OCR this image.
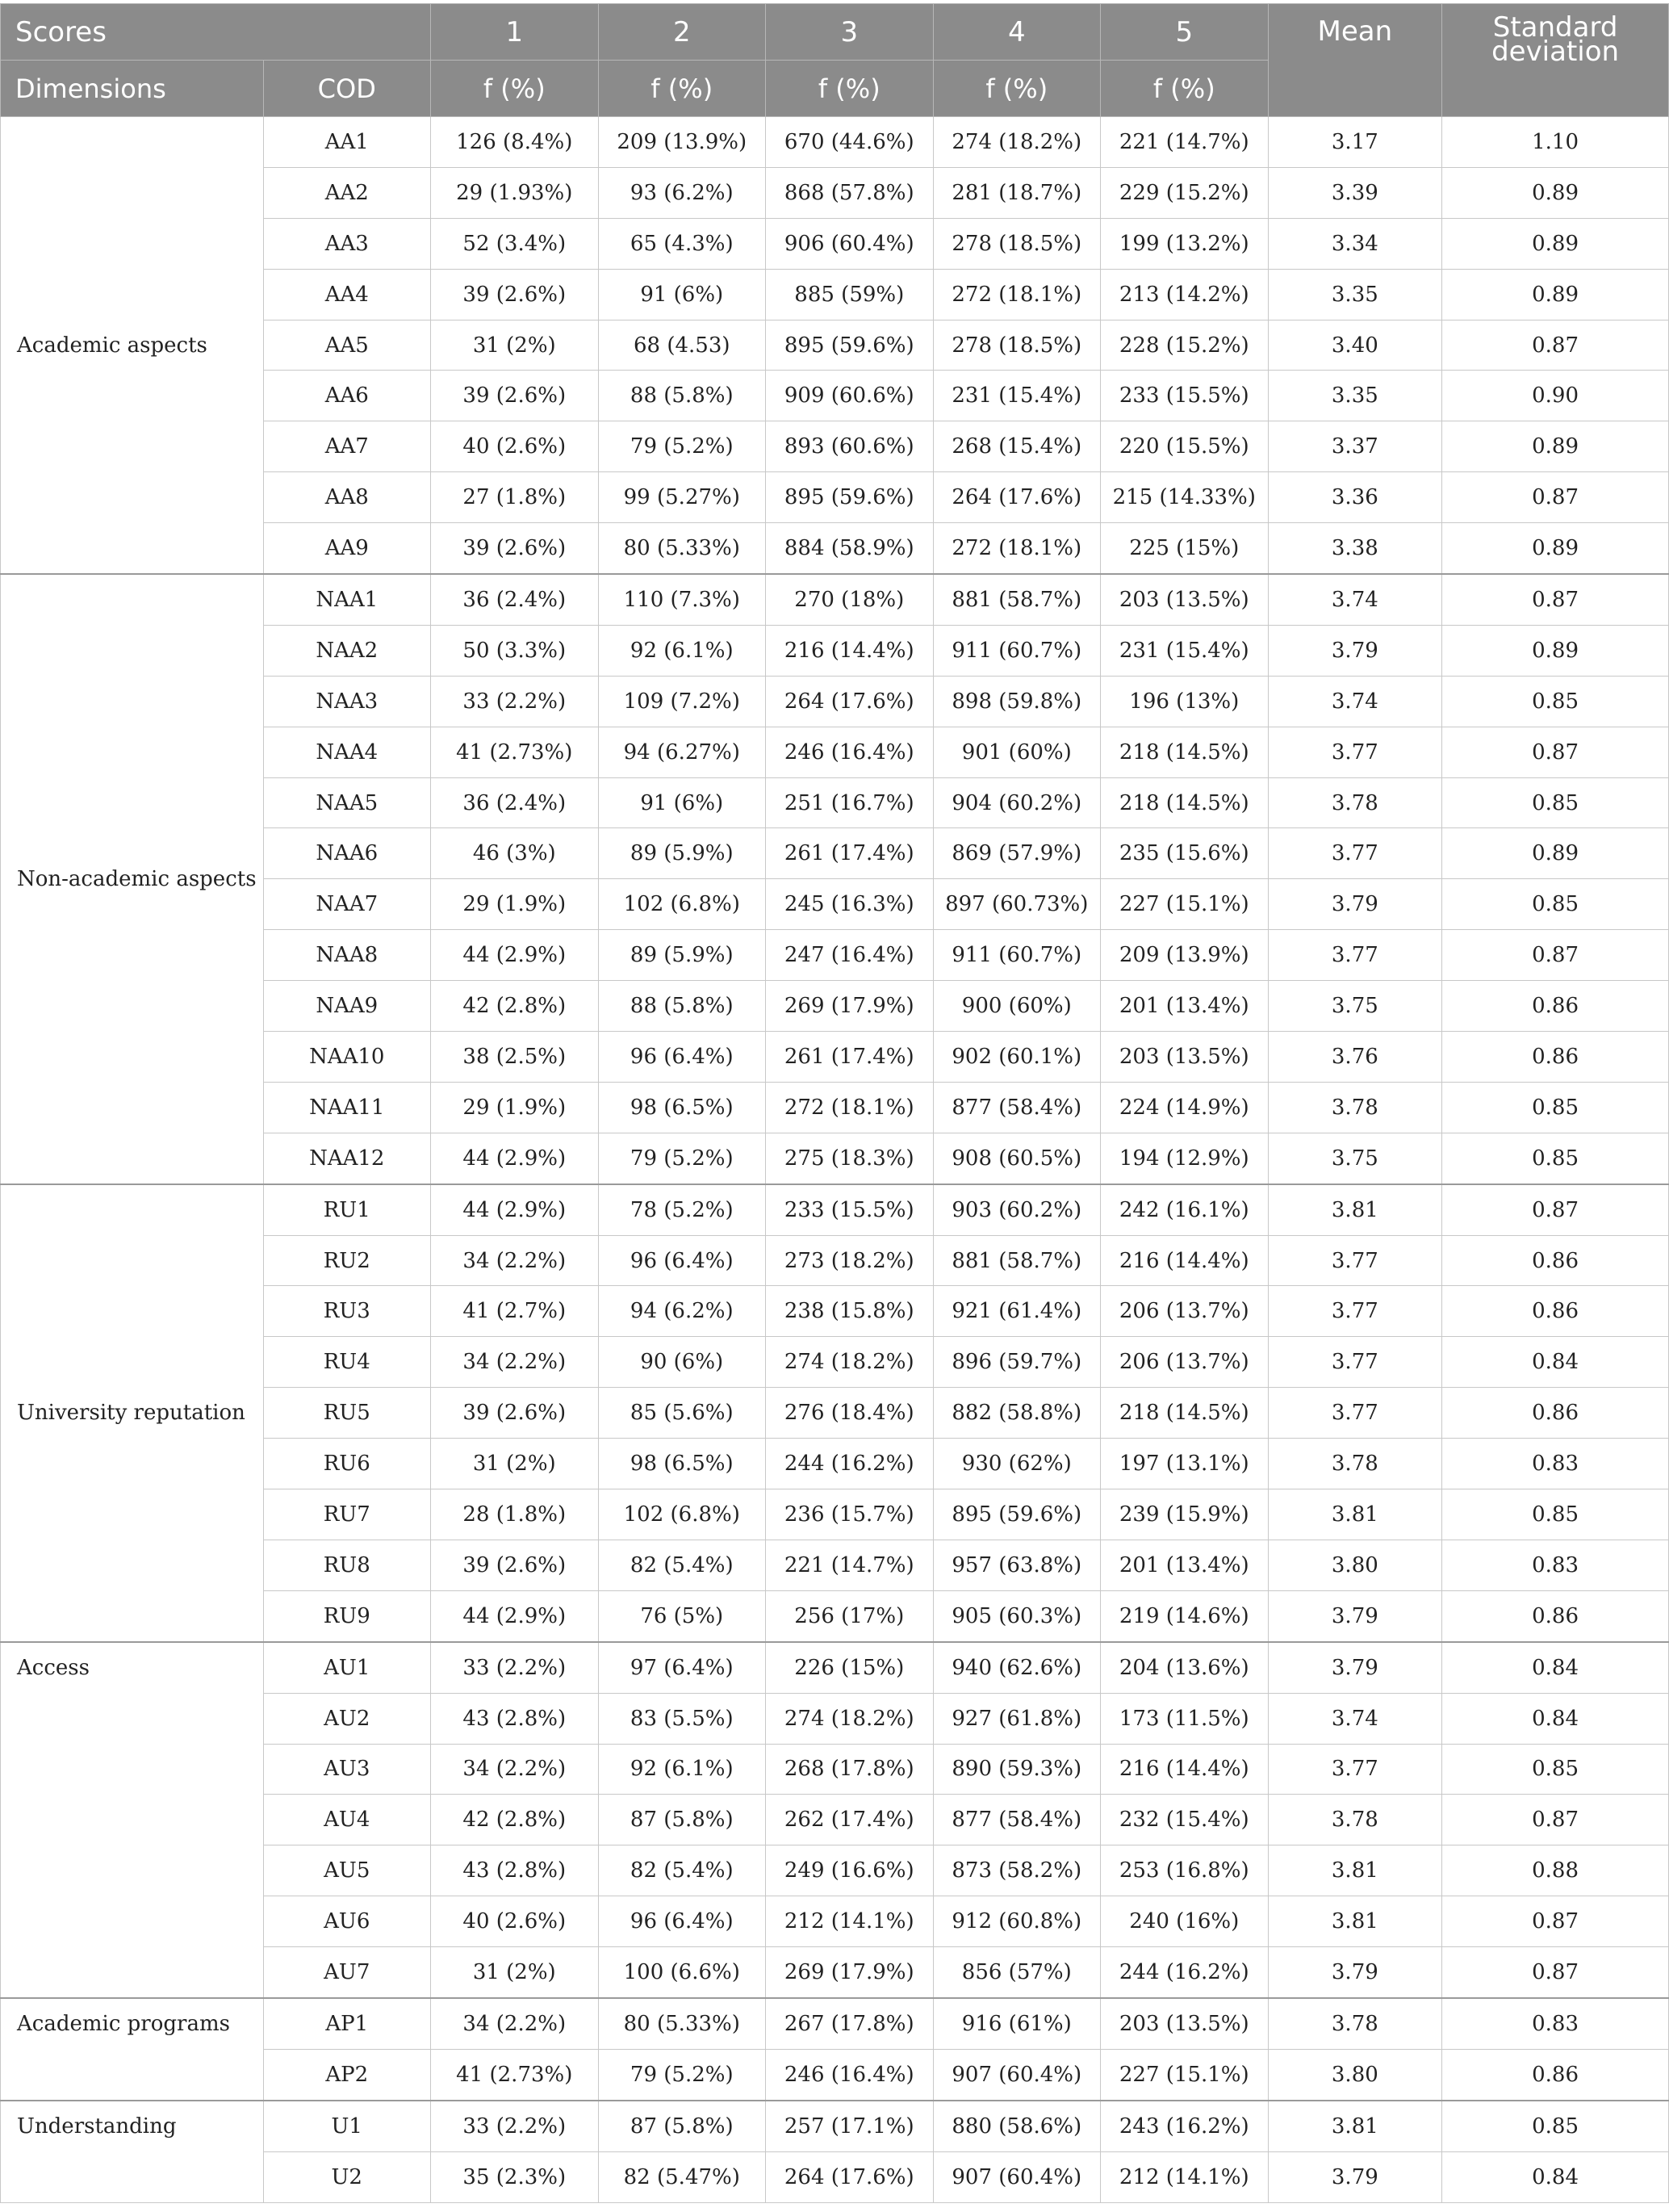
Scores		1	2	3	4	5	Mean	Standard deviation
Dimensions	COD	f (%)	f (%)	f (%)	f (%)	f (%)		
Academic aspects	AA1	126 (8.4%)	209 (13.9%)	670 (44.6%)	274 (18.2%)	221 (14.7%)	3.17	1.10
	AA2	29 (1.93%)	93 (6.2%)	868 (57.8%)	281 (18.7%)	229 (15.2%)	3.39	0.89
	AA3	52 (3.4%)	65 (4.3%)	906 (60.4%)	278 (18.5%)	199 (13.2%)	3.34	0.89
	AA4	39 (2.6%)	91 (6%)	885 (59%)	272 (18.1%)	213 (14.2%)	3.35	0.89
	AA5	31 (2%)	68 (4.53)	895 (59.6%)	278 (18.5%)	228 (15.2%)	3.40	0.87
	AA6	39 (2.6%)	88 (5.8%)	909 (60.6%)	231 (15.4%)	233 (15.5%)	3.35	0.90
	AA7	40 (2.6%)	79 (5.2%)	893 (60.6%)	268 (15.4%)	220 (15.5%)	3.37	0.89
	AA8	27 (1.8%)	99 (5.27%)	895 (59.6%)	264 (17.6%)	215 (14.33%)	3.36	0.87
	AA9	39 (2.6%)	80 (5.33%)	884 (58.9%)	272 (18.1%)	225 (15%)	3.38	0.89
Non-academic aspects	NAA1	36 (2.4%)	110 (7.3%)	270 (18%)	881 (58.7%)	203 (13.5%)	3.74	0.87
	NAA2	50 (3.3%)	92 (6.1%)	216 (14.4%)	911 (60.7%)	231 (15.4%)	3.79	0.89
	NAA3	33 (2.2%)	109 (7.2%)	264 (17.6%)	898 (59.8%)	196 (13%)	3.74	0.85
	NAA4	41 (2.73%)	94 (6.27%)	246 (16.4%)	901 (60%)	218 (14.5%)	3.77	0.87
	NAA5	36 (2.4%)	91 (6%)	251 (16.7%)	904 (60.2%)	218 (14.5%)	3.78	0.85
	NAA6	46 (3%)	89 (5.9%)	261 (17.4%)	869 (57.9%)	235 (15.6%)	3.77	0.89
	NAA7	29 (1.9%)	102 (6.8%)	245 (16.3%)	897 (60.73%)	227 (15.1%)	3.79	0.85
	NAA8	44 (2.9%)	89 (5.9%)	247 (16.4%)	911 (60.7%)	209 (13.9%)	3.77	0.87
	NAA9	42 (2.8%)	88 (5.8%)	269 (17.9%)	900 (60%)	201 (13.4%)	3.75	0.86
	NAA10	38 (2.5%)	96 (6.4%)	261 (17.4%)	902 (60.1%)	203 (13.5%)	3.76	0.86
	NAA11	29 (1.9%)	98 (6.5%)	272 (18.1%)	877 (58.4%)	224 (14.9%)	3.78	0.85
	NAA12	44 (2.9%)	79 (5.2%)	275 (18.3%)	908 (60.5%)	194 (12.9%)	3.75	0.85
University reputation	RU1	44 (2.9%)	78 (5.2%)	233 (15.5%)	903 (60.2%)	242 (16.1%)	3.81	0.87
	RU2	34 (2.2%)	96 (6.4%)	273 (18.2%)	881 (58.7%)	216 (14.4%)	3.77	0.86
	RU3	41 (2.7%)	94 (6.2%)	238 (15.8%)	921 (61.4%)	206 (13.7%)	3.77	0.86
	RU4	34 (2.2%)	90 (6%)	274 (18.2%)	896 (59.7%)	206 (13.7%)	3.77	0.84
	RU5	39 (2.6%)	85 (5.6%)	276 (18.4%)	882 (58.8%)	218 (14.5%)	3.77	0.86
	RU6	31 (2%)	98 (6.5%)	244 (16.2%)	930 (62%)	197 (13.1%)	3.78	0.83
	RU7	28 (1.8%)	102 (6.8%)	236 (15.7%)	895 (59.6%)	239 (15.9%)	3.81	0.85
	RU8	39 (2.6%)	82 (5.4%)	221 (14.7%)	957 (63.8%)	201 (13.4%)	3.80	0.83
	RU9	44 (2.9%)	76 (5%)	256 (17%)	905 (60.3%)	219 (14.6%)	3.79	0.86
Access	AU1	33 (2.2%)	97 (6.4%)	226 (15%)	940 (62.6%)	204 (13.6%)	3.79	0.84
	AU2	43 (2.8%)	83 (5.5%)	274 (18.2%)	927 (61.8%)	173 (11.5%)	3.74	0.84
	AU3	34 (2.2%)	92 (6.1%)	268 (17.8%)	890 (59.3%)	216 (14.4%)	3.77	0.85
	AU4	42 (2.8%)	87 (5.8%)	262 (17.4%)	877 (58.4%)	232 (15.4%)	3.78	0.87
	AU5	43 (2.8%)	82 (5.4%)	249 (16.6%)	873 (58.2%)	253 (16.8%)	3.81	0.88
	AU6	40 (2.6%)	96 (6.4%)	212 (14.1%)	912 (60.8%)	240 (16%)	3.81	0.87
	AU7	31 (2%)	100 (6.6%)	269 (17.9%)	856 (57%)	244 (16.2%)	3.79	0.87
Academic programs	AP1	34 (2.2%)	80 (5.33%)	267 (17.8%)	916 (61%)	203 (13.5%)	3.78	0.83
	AP2	41 (2.73%)	79 (5.2%)	246 (16.4%)	907 (60.4%)	227 (15.1%)	3.80	0.86
Understanding	U1	33 (2.2%)	87 (5.8%)	257 (17.1%)	880 (58.6%)	243 (16.2%)	3.81	0.85
	U2	35 (2.3%)	82 (5.47%)	264 (17.6%)	907 (60.4%)	212 (14.1%)	3.79	0.84
